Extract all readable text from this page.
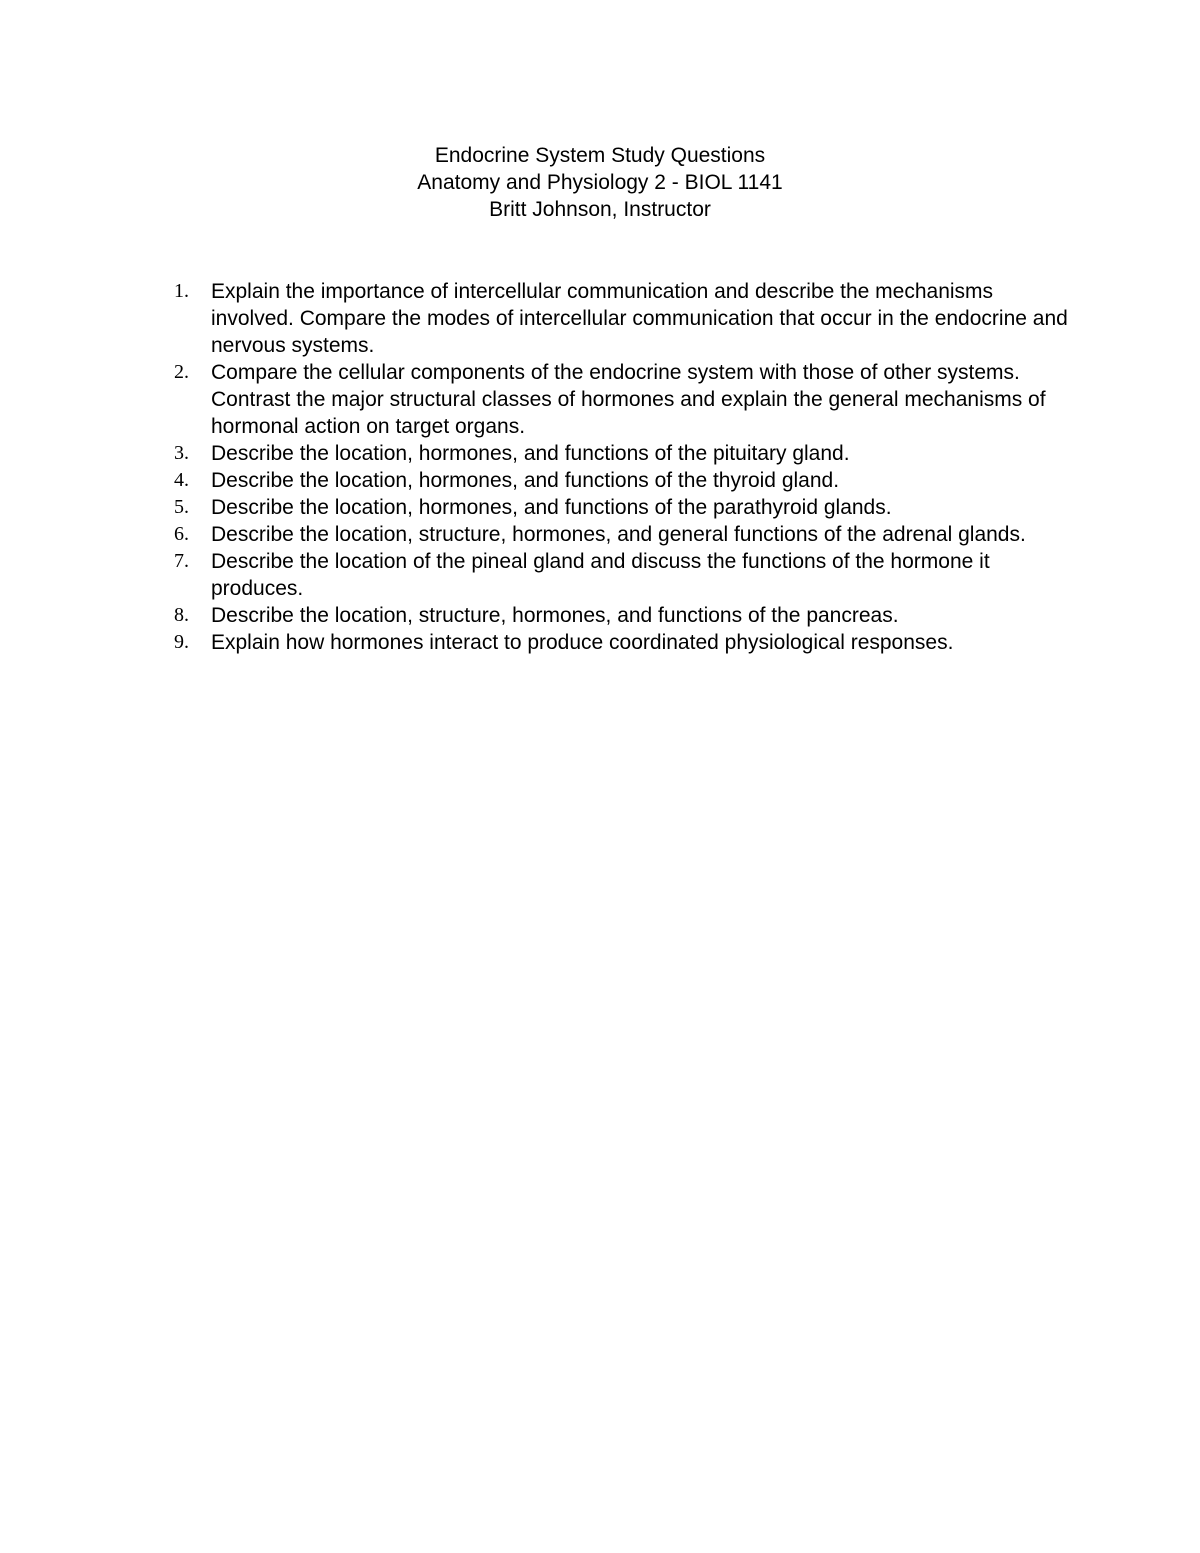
Endocrine System Study Questions
Anatomy and Physiology 2 - BIOL 1141
Britt Johnson, Instructor
1.	Explain the importance of intercellular communication and describe the mechanisms involved. Compare the modes of intercellular communication that occur in the endocrine and nervous systems.
2.	Compare the cellular components of the endocrine system with those of other systems. Contrast the major structural classes of hormones and explain the general mechanisms of hormonal action on target organs.
3.	Describe the location, hormones, and functions of the pituitary gland.
4.	Describe the location, hormones, and functions of the thyroid gland.
5.	Describe the location, hormones, and functions of the parathyroid glands.
6.	Describe the location, structure, hormones, and general functions of the adrenal glands.
7.	Describe the location of the pineal gland and discuss the functions of the hormone it produces.
8.	Describe the location, structure, hormones, and functions of the pancreas.
9.	Explain how hormones interact to produce coordinated physiological responses.
